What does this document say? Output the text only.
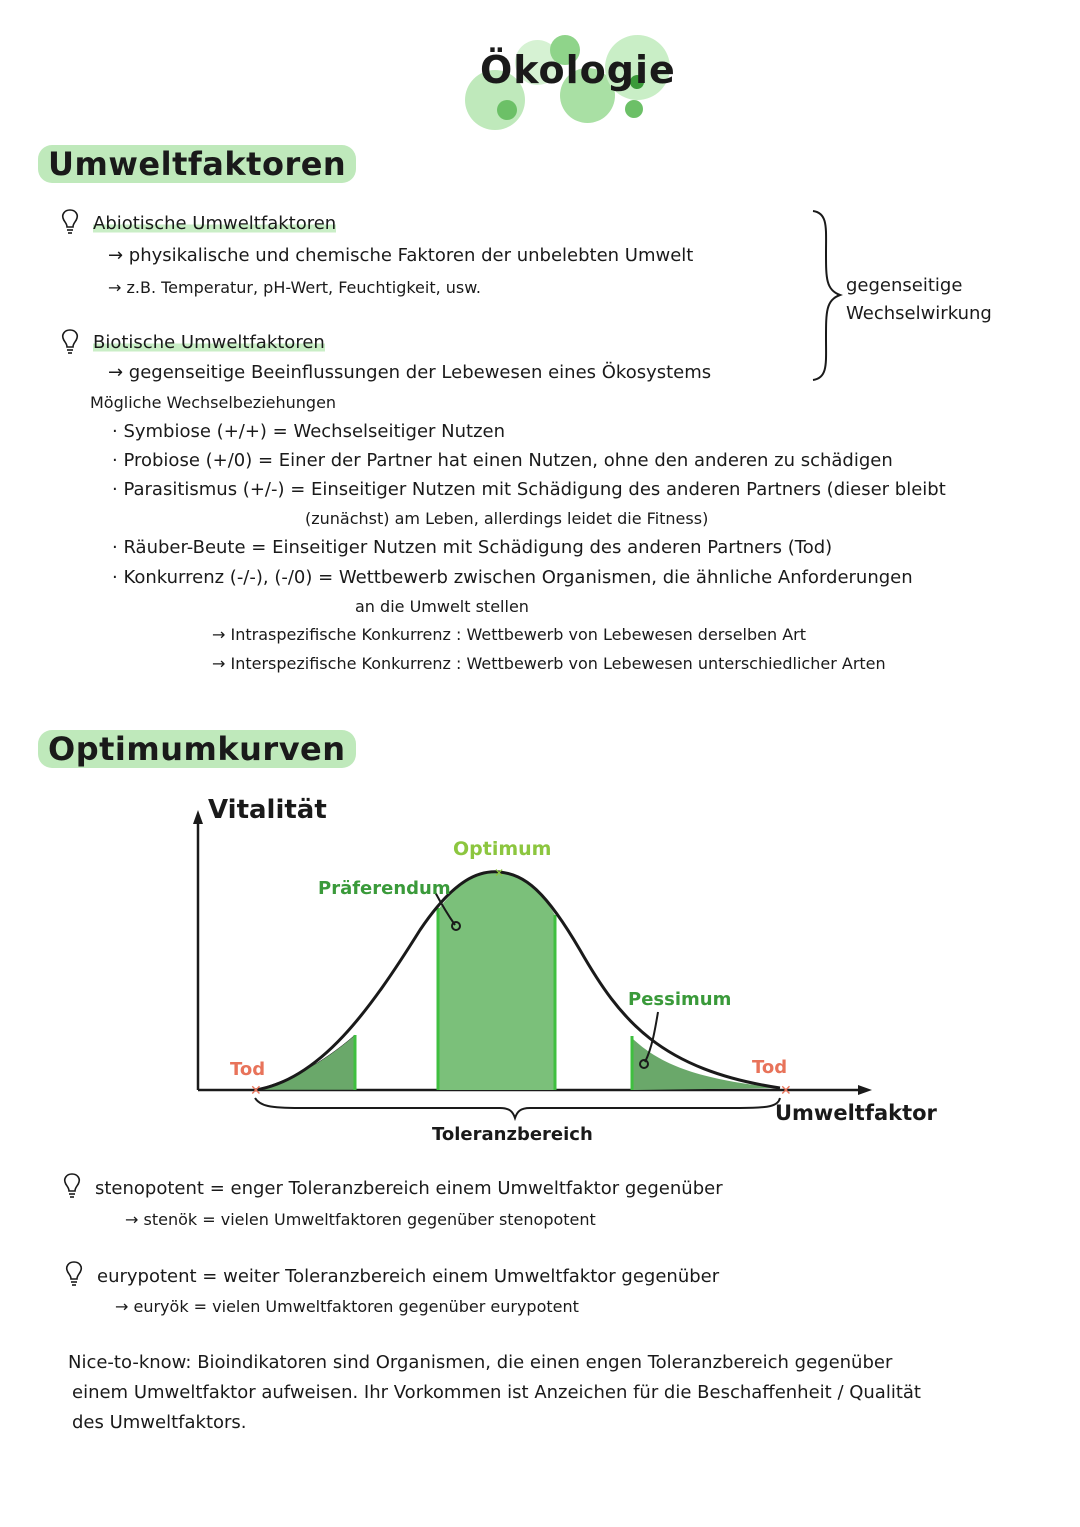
Ökologie
Umweltfaktoren
Abiotische Umweltfaktoren
→ physikalische und chemische Faktoren der unbelebten Umwelt
→ z.B. Temperatur, pH-Wert, Feuchtigkeit, usw.	gegenseitige
Wechselwirkung
Biotische Umweltfaktoren
→ gegenseitige Beeinflussungen der Lebewesen eines Ökosystems
Mögliche Wechselbeziehungen
· Symbiose (+/+) = Wechselseitiger Nutzen
· Probiose (+/0) = Einer der Partner hat einen Nutzen, ohne den anderen zu schädigen
· Parasitismus (+/-) = Einseitiger Nutzen mit Schädigung des anderen Partners (dieser bleibt
(zunächst) am Leben, allerdings leidet die Fitness)
· Räuber-Beute = Einseitiger Nutzen mit Schädigung des anderen Partners (Tod)
· Konkurrenz (-/-), (-/0) = Wettbewerb zwischen Organismen, die ähnliche Anforderungen
an die Umwelt stellen
→ Intraspezifische Konkurrenz : Wettbewerb von Lebewesen derselben Art
→ Interspezifische Konkurrenz : Wettbewerb von Lebewesen unterschiedlicher Arten
Optimumkurven
✕	✕
✕
Vitalität
Optimum
Präferendum
Pessimum
Tod	Tod
Toleranzbereich
Umweltfaktor
stenopotent = enger Toleranzbereich einem Umweltfaktor gegenüber
→ stenök = vielen Umweltfaktoren gegenüber stenopotent
eurypotent = weiter Toleranzbereich einem Umweltfaktor gegenüber
→ euryök = vielen Umweltfaktoren gegenüber eurypotent
Nice-to-know: Bioindikatoren sind Organismen, die einen engen Toleranzbereich gegenüber
einem Umweltfaktor aufweisen. Ihr Vorkommen ist Anzeichen für die Beschaffenheit / Qualität
des Umweltfaktors.
